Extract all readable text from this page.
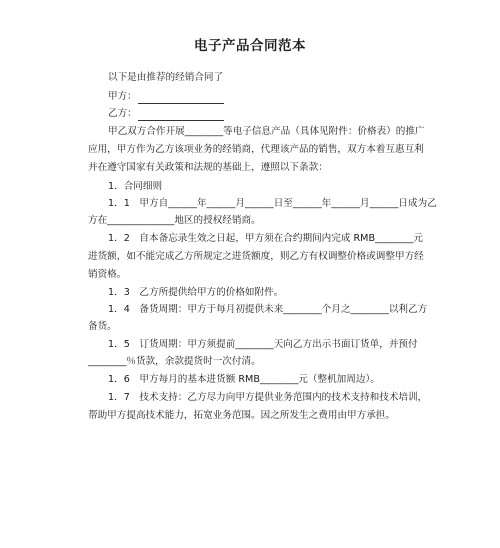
电子产品合同范本
以下是由推荐的经销合同了
甲方：
乙方：
甲乙双方合作开展________等电子信息产品（具体见附件：价格表）的推广
应用，甲方作为乙方该项业务的经销商，代理该产品的销售，双方本着互惠互利
并在遵守国家有关政策和法规的基础上，遵照以下条款：
1．合同细则
1．1　甲方自______年______月______日至______年______月______日成为乙
方在______________地区的授权经销商。
1．2　自本备忘录生效之日起，甲方须在合约期间内完成 RMB________元
进货额，如不能完成乙方所规定之进货额度，则乙方有权调整价格或调整甲方经
销资格。
1．3　乙方所提供给甲方的价格如附件。
1．4　备货周期：甲方于每月初提供未来________个月之________以利乙方
备货。
1．5　订货周期：甲方须提前________天向乙方出示书面订货单，并预付
________％货款，余款提货时一次付清。
1．6　甲方每月的基本进货额 RMB________元（整机加周边）。
1．7　技术支持：乙方尽力向甲方提供业务范围内的技术支持和技术培训，
帮助甲方提高技术能力，拓宽业务范围。因之所发生之费用由甲方承担。
